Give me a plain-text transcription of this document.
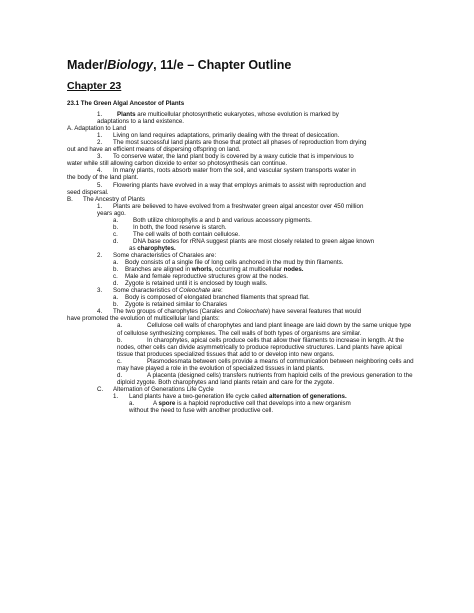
Mader/Biology, 11/e – Chapter Outline
Chapter 23

23.1 The Green Algal Ancestor of Plants

1. Plants are multicellular photosynthetic eukaryotes, whose evolution is marked by

adaptations to a land existence.

A. Adaptation to Land

1. Living on land requires adaptations, primarily dealing with the threat of desiccation.

2. The most successful land plants are those that protect all phases of reproduction from drying

out and have an efficient means of dispersing offspring on land.

3. To conserve water, the land plant body is covered by a waxy cuticle that is impervious to

water while still allowing carbon dioxide to enter so photosynthesis can continue.

4. In many plants, roots absorb water from the soil, and vascular system transports water in

the body of the land plant.

5. Flowering plants have evolved in a way that employs animals to assist with reproduction and

seed dispersal.

B. The Ancestry of Plants

1. Plants are believed to have evolved from a freshwater green algal ancestor over 450 million

years ago.

a. Both utilize chlorophylls a and b and various accessory pigments.

b. In both, the food reserve is starch.

c. The cell walls of both contain cellulose.

d. DNA base codes for rRNA suggest plants are most closely related to green algae known

as charophytes.

2. Some characteristics of Charales are:

a. Body consists of a single file of long cells anchored in the mud by thin filaments.

b. Branches are aligned in whorls, occurring at multicellular nodes.

c. Male and female reproductive structures grow at the nodes.

d. Zygote is retained until it is enclosed by tough walls.

3. Some characteristics of Coleochate are:

a. Body is composed of elongated branched filaments that spread flat.

b. Zygote is retained similar to Charales

4. The two groups of charophytes (Carales and Coleochate) have several features that would

have promoted the evolution of multicellular land plants:

a.	Cellulose cell walls of charophytes and land plant lineage are laid down by the same unique type of cellulose synthesizing complexes. The cell walls of both types of organisms are similar.

b.	In charophytes, apical cells produce cells that allow their filaments to increase in length. At the nodes, other cells can divide asymmetrically to produce reproductive structures. Land plants have apical tissue that produces specialized tissues that add to or develop into new organs.

c.	Plasmodesmata between cells provide a means of communication between neighboring cells and may have played a role in the evolution of specialized tissues in land plants.

d.	A placenta (designed cells) transfers nutrients from haploid cells of the previous generation to the diploid zygote. Both charophytes and land plants retain and care for the zygote.

C. Alternation of Generations Life Cycle

1. Land plants have a two-generation life cycle called alternation of generations.

a.	A spore is a haploid reproductive cell that develops into a new organism

without the need to fuse with another productive cell.
